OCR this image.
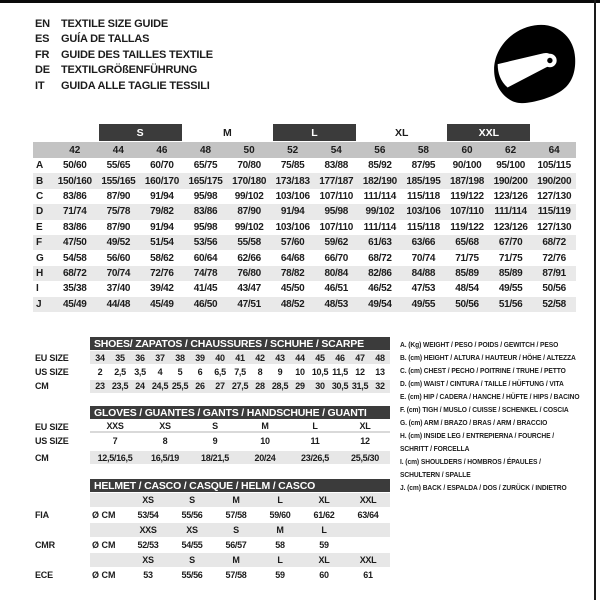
EN	TEXTILE SIZE GUIDE
ES	GUÍA DE TALLAS
FR	GUIDE DES TAILLES TEXTILE
DE	TEXTILGRÖßENFÜHRUNG
IT	GUIDA ALLE TAGLIE TESSILI
S	M	L	XL	XXL
42	44	46	48	50	52	54	56	58	60	62	64
A	50/60	55/65	60/70	65/75	70/80	75/85	83/88	85/92	87/95	90/100	95/100	105/115
B	150/160 155/165 160/170 165/175 170/180 173/183 177/187 182/190 185/195 187/198 190/200 190/200
C	83/86	87/90	91/94	95/98	99/102	103/106 107/110	111/114	115/118	119/122 123/126 127/130
D	71/74	75/78	79/82	83/86	87/90	91/94	95/98	99/102	103/106 107/110	111/114	115/119
E	83/86	87/90	91/94	95/98	99/102	103/106 107/110	111/114	115/118	119/122 123/126 127/130
F	47/50	49/52	51/54	53/56	55/58	57/60	59/62	61/63	63/66	65/68	67/70	68/72
G	54/58	56/60	58/62	60/64	62/66	64/68	66/70	68/72	70/74	71/75	71/75	72/76
H	68/72	70/74	72/76	74/78	76/80	78/82	80/84	82/86	84/88	85/89	85/89	87/91
I	35/38	37/40	39/42	41/45	43/47	45/50	46/51	46/52	47/53	48/54	49/55	50/56
J	45/49	44/48	45/49	46/50	47/51	48/52	48/53	49/54	49/55	50/56	51/56	52/58
SHOES/ ZAPATOS / CHAUSSURES / SCHUHE / SCARPE
EU SIZE	34	35	36	37	38	39	40	41	42	43	44	45	46	47	48
US SIZE	2	2,5 3,5	4	5	6	6,5 7,5	8	9	10 10,5 11,5 12	13
CM	23 23,5 24 24,5 25,5 26	27 27,5 28 28,5 29	30 30,5 31,5 32
GLOVES / GUANTES / GANTS / HANDSCHUHE / GUANTI
EU SIZE	XXS	XS	S	M	L	XL
US SIZE	7	8	9	10	11	12
CM	12,5/16,5	16,5/19	18/21,5	20/24	23/26,5	25,5/30
HELMET / CASCO / CASQUE / HELM / CASCO
XS	S	M	L	XL	XXL
FIA	Ø CM	53/54	55/56	57/58	59/60	61/62	63/64
XXS	XS	S	M	L
CMR	Ø CM	52/53	54/55	56/57	58	59
XS	S	M	L	XL	XXL
ECE	Ø CM	53	55/56	57/58	59	60	61
A. (Kg) WEIGHT / PESO / POIDS / GEWITCH / PESO
B. (cm) HEIGHT / ALTURA / HAUTEUR / HÖHE / ALTEZZA
C. (cm) CHEST / PECHO / POITRINE / TRUHE / PETTO
D. (cm) WAIST / CINTURA / TAILLE / HÜFTUNG / VITA
E. (cm) HIP / CADERA / HANCHE / HÜFTE / HIPS / BACINO
F. (cm) TIGH / MUSLO / CUISSE / SCHENKEL / COSCIA
G. (cm) ARM / BRAZO / BRAS / ARM / BRACCIO
H. (cm) INSIDE LEG / ENTREPIERNA / FOURCHE /
SCHRITT / FORCELLA
I. (cm) SHOULDERS / HOMBROS / ÉPAULES /
SCHULTERN / SPALLE
J. (cm) BACK / ESPALDA / DOS / ZURÜCK / INDIETRO
